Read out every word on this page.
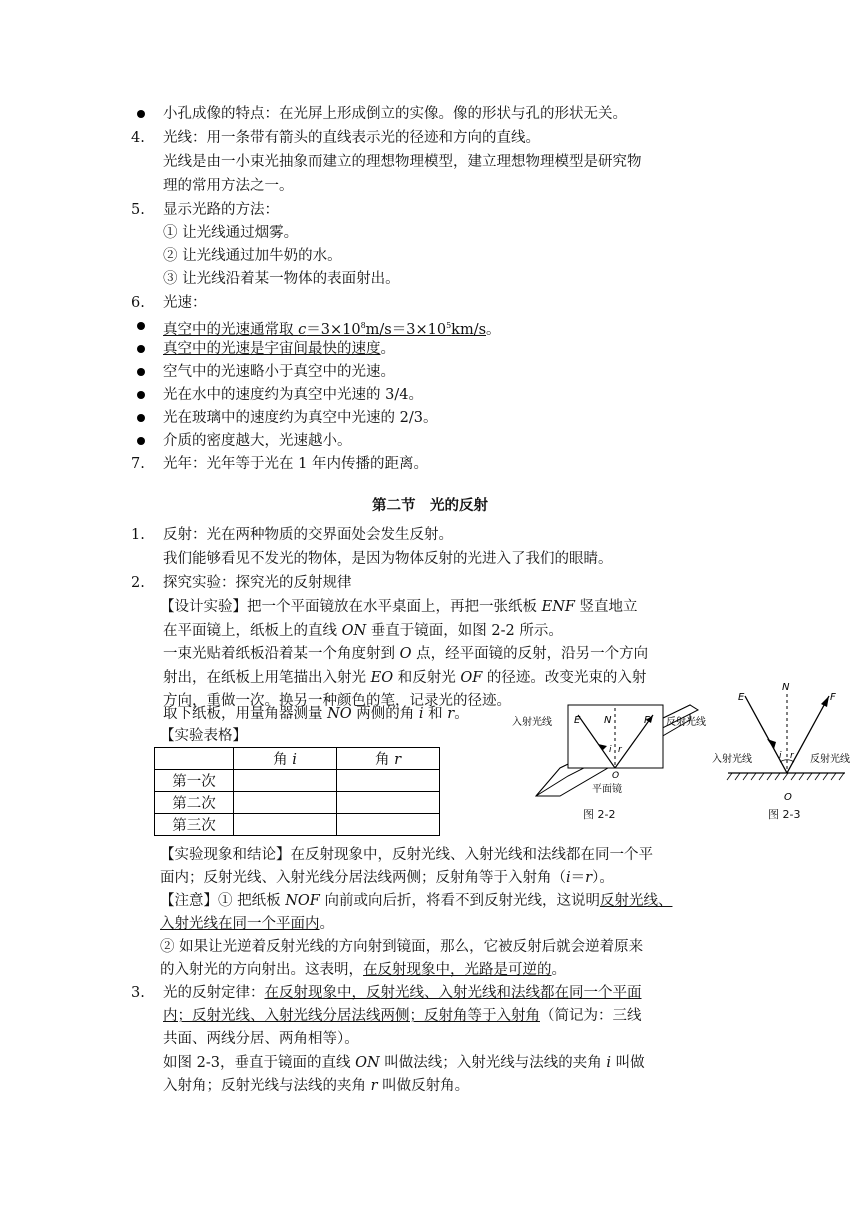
小孔成像的特点：在光屏上形成倒立的实像。像的形状与孔的形状无关。
4. 光线：用一条带有箭头的直线表示光的径迹和方向的直线。
光线是由一小束光抽象而建立的理想物理模型，建立理想物理模型是研究物
理的常用方法之一。
5. 显示光路的方法：
① 让光线通过烟雾。
② 让光线通过加牛奶的水。
③ 让光线沿着某一物体的表面射出。
6. 光速：
真空中的光速通常取 $c=3\times 10^8m/s=3\times 10^5km/s$。
真空中的光速是宇宙间最快的速度。
空气中的光速略小于真空中的光速。
光在水中的速度约为真空中光速的 3/4。
光在玻璃中的速度约为真空中光速的 2/3。
介质的密度越大，光速越小。
7. 光年：光年等于光在 1 年内传播的距离。
第二节　光的反射
1. 反射：光在两种物质的交界面处会发生反射。
我们能够看见不发光的物体，是因为物体反射的光进入了我们的眼睛。
2. 探究实验：探究光的反射规律
【设计实验】把一个平面镜放在水平桌面上，再把一张纸板 ENF 竖直地立
在平面镜上，纸板上的直线 ON 垂直于镜面，如图 2-2 所示。
一束光贴着纸板沿着某一个角度射到 O 点，经平面镜的反射，沿另一个方向
射出，在纸板上用笔描出入射光 EO 和反射光 OF 的径迹。改变光束的入射
方向，重做一次。换另一种颜色的笔，记录光的径迹。
取下纸板，用量角器测量 NO 两侧的角 i 和 r。
【实验表格】
	角 i	角 r
第一次		
第二次		
第三次		
E N	F
i r
O
平面镜
入射光线	反射光线
图 2-2
E
N
F
i r
O
入射光线	反射光线
图 2-3
【实验现象和结论】在反射现象中，反射光线、入射光线和法线都在同一个平
面内；反射光线、入射光线分居法线两侧；反射角等于入射角（i＝r）。
【注意】① 把纸板 NOF 向前或向后折，将看不到反射光线，这说明反射光线、
入射光线在同一个平面内。
② 如果让光逆着反射光线的方向射到镜面，那么，它被反射后就会逆着原来
的入射光的方向射出。这表明，在反射现象中，光路是可逆的。
3. 光的反射定律：在反射现象中，反射光线、入射光线和法线都在同一个平面
内；反射光线、入射光线分居法线两侧；反射角等于入射角（简记为：三线
共面、两线分居、两角相等）。
如图 2-3，垂直于镜面的直线 ON 叫做法线；入射光线与法线的夹角 i 叫做
入射角；反射光线与法线的夹角 r 叫做反射角。
